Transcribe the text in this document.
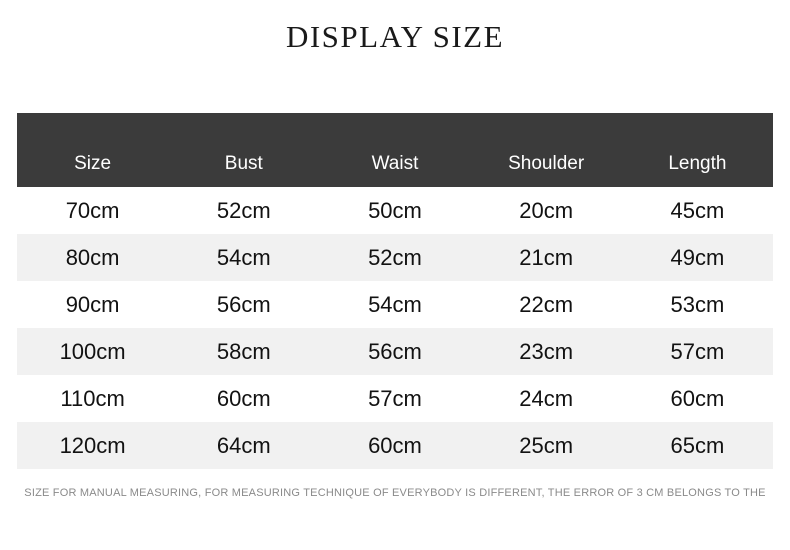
DISPLAY SIZE
Size	Bust	Waist	Shoulder	Length
70cm	52cm	50cm	20cm	45cm
80cm	54cm	52cm	21cm	49cm
90cm	56cm	54cm	22cm	53cm
100cm	58cm	56cm	23cm	57cm
110cm	60cm	57cm	24cm	60cm
120cm	64cm	60cm	25cm	65cm
SIZE FOR MANUAL MEASURING, FOR MEASURING TECHNIQUE OF EVERYBODY IS DIFFERENT, THE ERROR OF 3 CM BELONGS TO THE
